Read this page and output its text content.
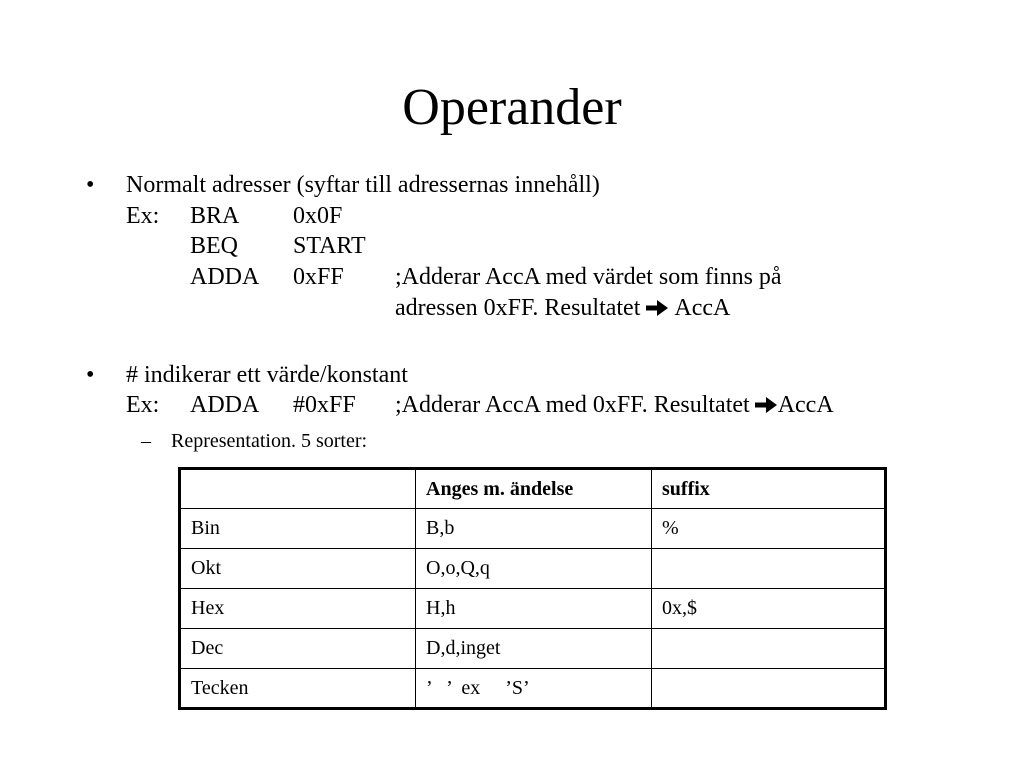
Operander
• Normalt adresser (syftar till adressernas innehåll)
Ex: BRA 0x0F
BEQ START
ADDA 0xFF ;Adderar AccA med värdet som finns på
adressen 0xFF. Resultatet AccA
• # indikerar ett värde/konstant
Ex: ADDA #0xFF ;Adderar AccA med 0xFF. Resultatet AccA
– Representation. 5 sorter:
	Anges m. ändelse	suffix
Bin	B,b	%
Okt	O,o,Q,q	
Hex	H,h	0x,$
Dec	D,d,inget	
Tecken	’   ’  ex     ’S’	
